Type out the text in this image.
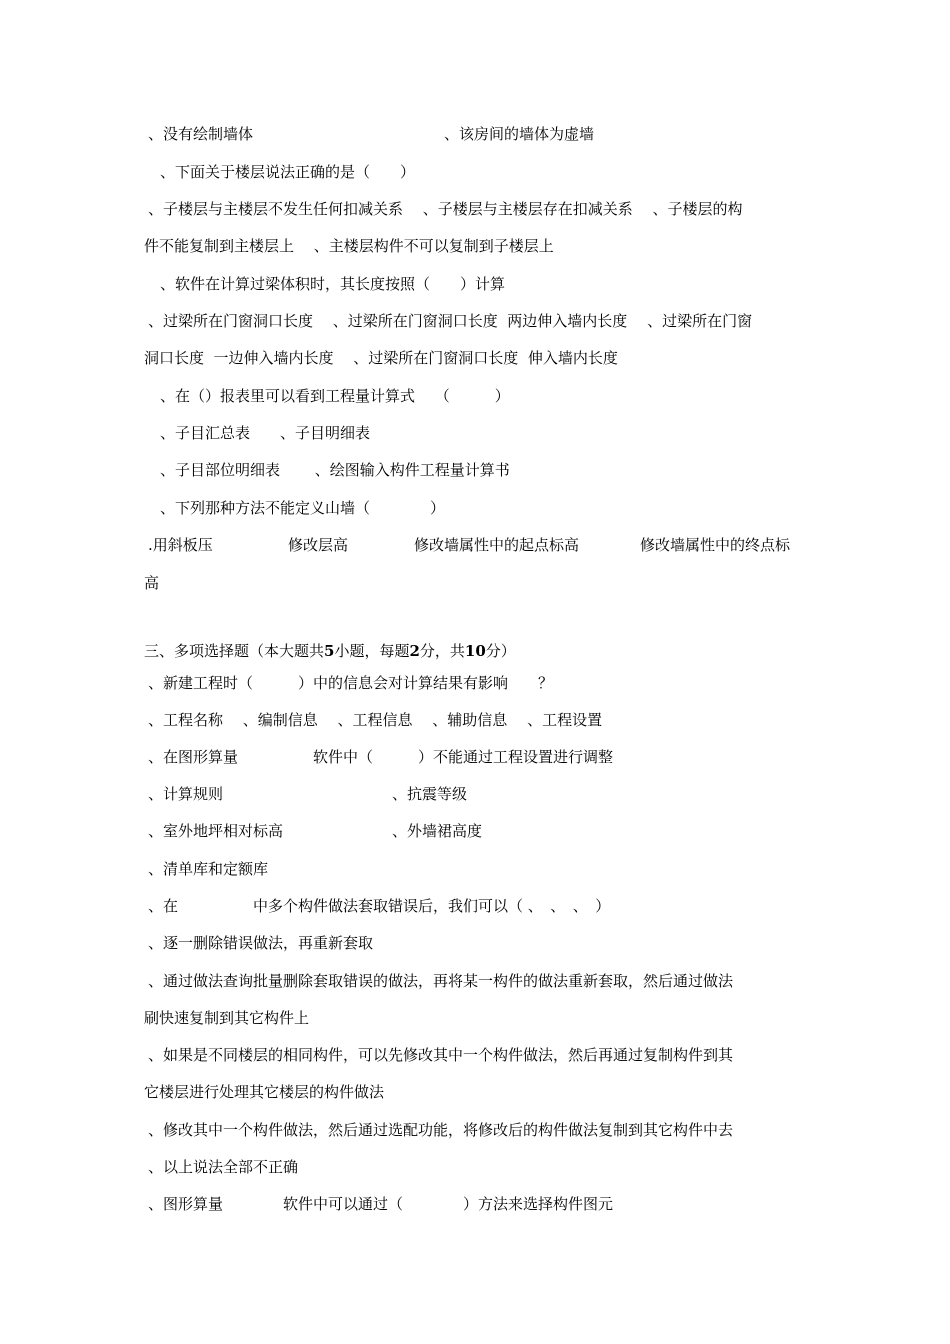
、没有绘制墙体	、该房间的墙体为虚墙
、下面关于楼层说法正确的是（　　）
、子楼层与主楼层不发生任何扣减关系　 、子楼层与主楼层存在扣减关系　 、子楼层的构
件不能复制到主楼层上　 、主楼层构件不可以复制到子楼层上
、软件在计算过梁体积时，其长度按照（　　）计算
、过梁所在门窗洞口长度　 、过梁所在门窗洞口长度  两边伸入墙内长度　 、过梁所在门窗
洞口长度  一边伸入墙内长度　 、过梁所在门窗洞口长度  伸入墙内长度
、在（）报表里可以看到工程量计算式　 （　　　）
、子目汇总表　　、子目明细表
、子目部位明细表　　 、绘图输入构件工程量计算书
、下列那种方法不能定义山墙（　　　　）
.用斜板压	修改层高	修改墙属性中的起点标高	修改墙属性中的终点标
高
三、多项选择题（本大题共5小题，每题2分，共10分）
、新建工程时（　　　）中的信息会对计算结果有影响　　？
、工程名称　 、编制信息　 、工程信息　 、辅助信息　 、工程设置
、在图形算量　　　　　软件中（　　　）不能通过工程设置进行调整
、计算规则	、抗震等级
、室外地坪相对标高	、外墙裙高度
、清单库和定额库
、在　　　　　中多个构件做法套取错误后，我们可以（ 、　、　、　）
、逐一删除错误做法，再重新套取
、通过做法查询批量删除套取错误的做法，再将某一构件的做法重新套取，然后通过做法
刷快速复制到其它构件上
、如果是不同楼层的相同构件，可以先修改其中一个构件做法，然后再通过复制构件到其
它楼层进行处理其它楼层的构件做法
、修改其中一个构件做法，然后通过选配功能，将修改后的构件做法复制到其它构件中去
、以上说法全部不正确
、图形算量　　　　软件中可以通过（　　　　）方法来选择构件图元
